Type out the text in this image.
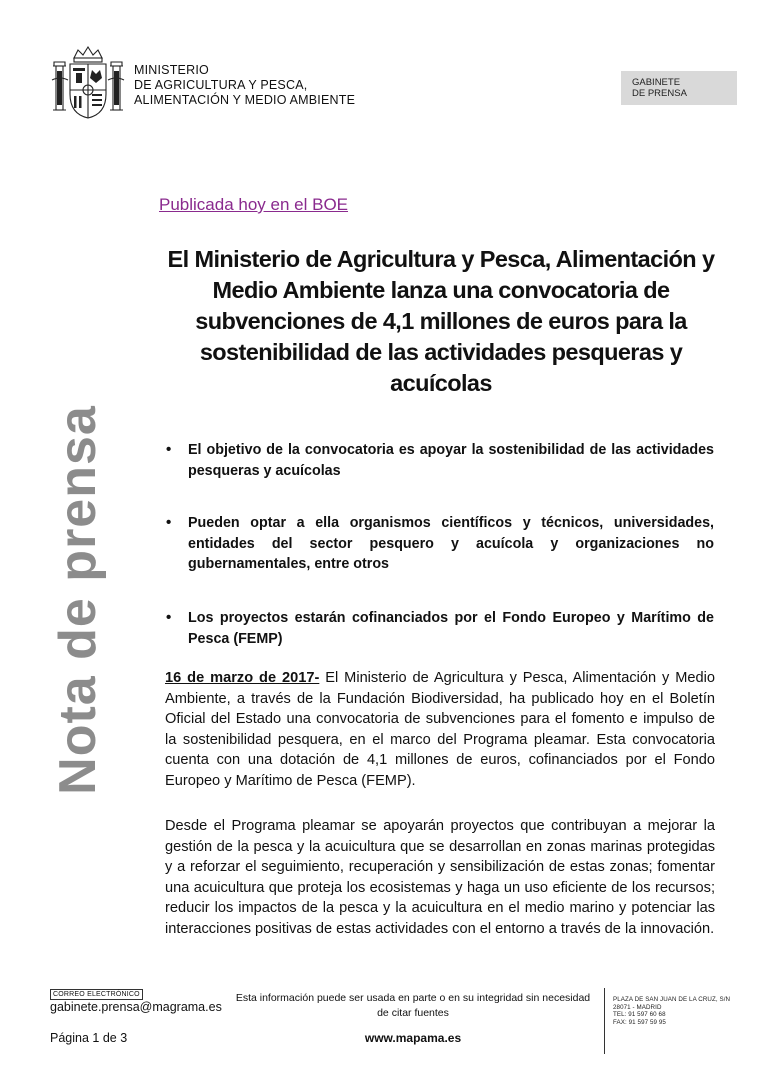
MINISTERIO
DE AGRICULTURA Y PESCA,
ALIMENTACIÓN Y MEDIO AMBIENTE
GABINETE
DE PRENSA
Nota de prensa
Publicada hoy en el BOE
El Ministerio de Agricultura y Pesca, Alimentación y Medio Ambiente lanza una convocatoria de subvenciones de 4,1 millones de euros para la sostenibilidad de las actividades pesqueras y acuícolas
•	El objetivo de la convocatoria es apoyar la sostenibilidad de las actividades pesqueras y acuícolas
•	Pueden optar a ella organismos científicos y técnicos, universidades, entidades del sector pesquero y acuícola y organizaciones no gubernamentales, entre otros
•	Los proyectos estarán cofinanciados por el Fondo Europeo y Marítimo de Pesca (FEMP)
16 de marzo de 2017- El Ministerio de Agricultura y Pesca, Alimentación y Medio Ambiente, a través de la Fundación Biodiversidad, ha publicado hoy en el Boletín Oficial del Estado una convocatoria de subvenciones para el fomento e impulso de la sostenibilidad pesquera, en el marco del Programa pleamar. Esta convocatoria cuenta con una dotación de 4,1 millones de euros, cofinanciados por el Fondo Europeo y Marítimo de Pesca (FEMP).
Desde el Programa pleamar se apoyarán proyectos que contribuyan a mejorar la gestión de la pesca y la acuicultura que se desarrollan en zonas marinas protegidas y a reforzar el seguimiento, recuperación y sensibilización de estas zonas; fomentar una acuicultura que proteja los ecosistemas y haga un uso eficiente de los recursos; reducir los impactos de la pesca y la acuicultura en el medio marino y potenciar las interacciones positivas de estas actividades con el entorno a través de la innovación.
CORREO ELECTRÓNICO
gabinete.prensa@magrama.es
Esta información puede ser usada en parte o en su integridad sin necesidad de citar fuentes
www.mapama.es
Página 1 de 3
PLAZA DE SAN JUAN DE LA CRUZ, S/N
28071 - MADRID
TEL: 91 597 60 68
FAX: 91 597 59 95
